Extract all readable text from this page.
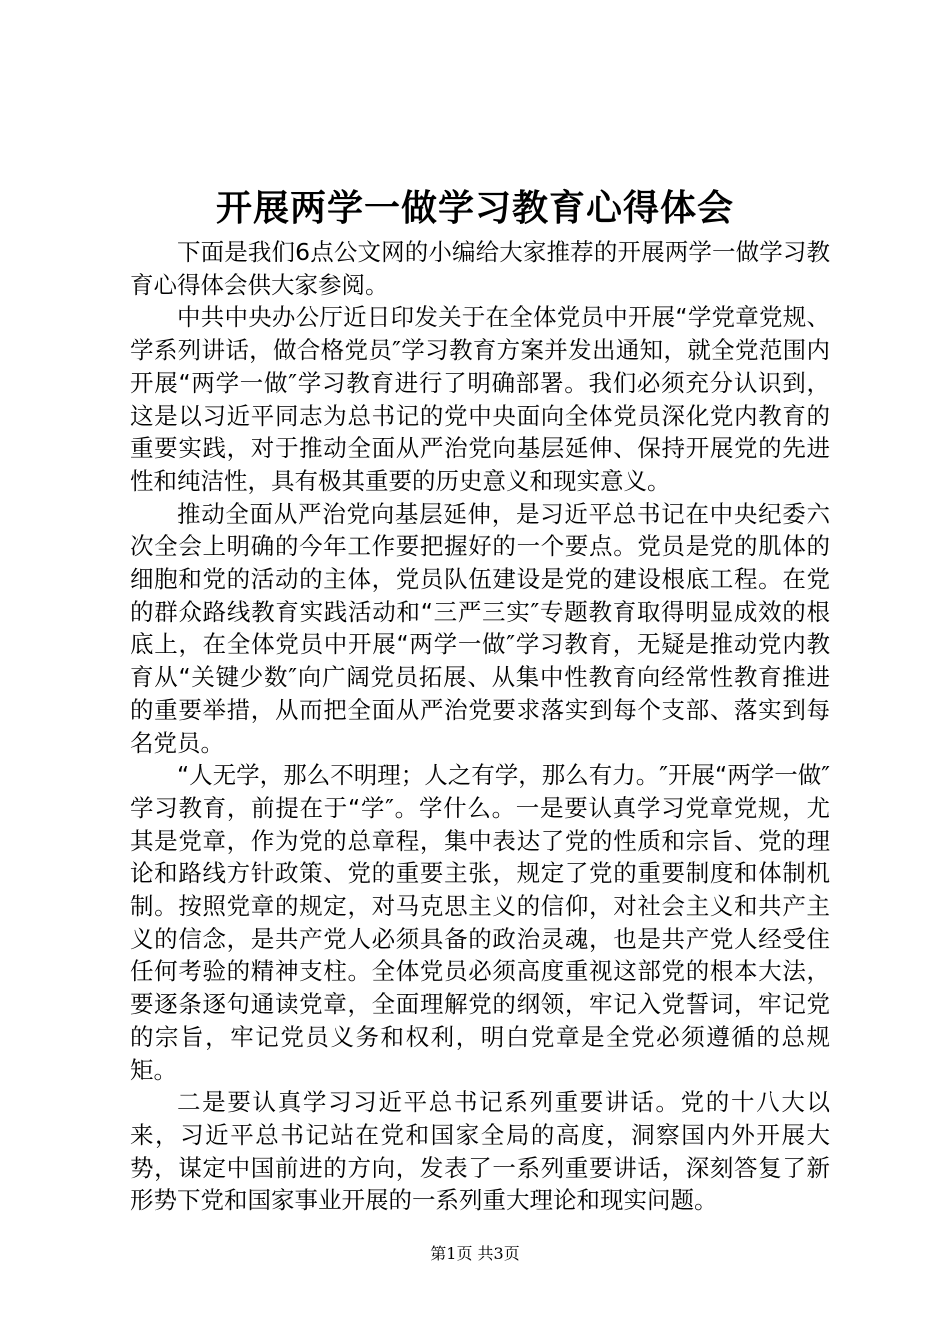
开展两学一做学习教育心得体会

下面是我们6点公文网的小编给大家推荐的开展两学一做学习教育心得体会供大家参阅。

中共中央办公厅近日印发关于在全体党员中开展“学党章党规、学系列讲话，做合格党员″学习教育方案并发出通知，就全党范围内开展“两学一做″学习教育进行了明确部署。我们必须充分认识到，这是以习近平同志为总书记的党中央面向全体党员深化党内教育的重要实践，对于推动全面从严治党向基层延伸、保持开展党的先进性和纯洁性，具有极其重要的历史意义和现实意义。

推动全面从严治党向基层延伸，是习近平总书记在中央纪委六次全会上明确的今年工作要把握好的一个要点。党员是党的肌体的细胞和党的活动的主体，党员队伍建设是党的建设根底工程。在党的群众路线教育实践活动和“三严三实″专题教育取得明显成效的根底上，在全体党员中开展“两学一做″学习教育，无疑是推动党内教育从“关键少数″向广阔党员拓展、从集中性教育向经常性教育推进的重要举措，从而把全面从严治党要求落实到每个支部、落实到每名党员。

“人无学，那么不明理；人之有学，那么有力。″开展“两学一做″学习教育，前提在于“学″。学什么。一是要认真学习党章党规，尤其是党章，作为党的总章程，集中表达了党的性质和宗旨、党的理论和路线方针政策、党的重要主张，规定了党的重要制度和体制机制。按照党章的规定，对马克思主义的信仰，对社会主义和共产主义的信念，是共产党人必须具备的政治灵魂，也是共产党人经受住任何考验的精神支柱。全体党员必须高度重视这部党的根本大法，要逐条逐句通读党章，全面理解党的纲领，牢记入党誓词，牢记党的宗旨，牢记党员义务和权利，明白党章是全党必须遵循的总规矩。

二是要认真学习习近平总书记系列重要讲话。党的十八大以来，习近平总书记站在党和国家全局的高度，洞察国内外开展大势，谋定中国前进的方向，发表了一系列重要讲话，深刻答复了新形势下党和国家事业开展的一系列重大理论和现实问题。

第1页 共3页
